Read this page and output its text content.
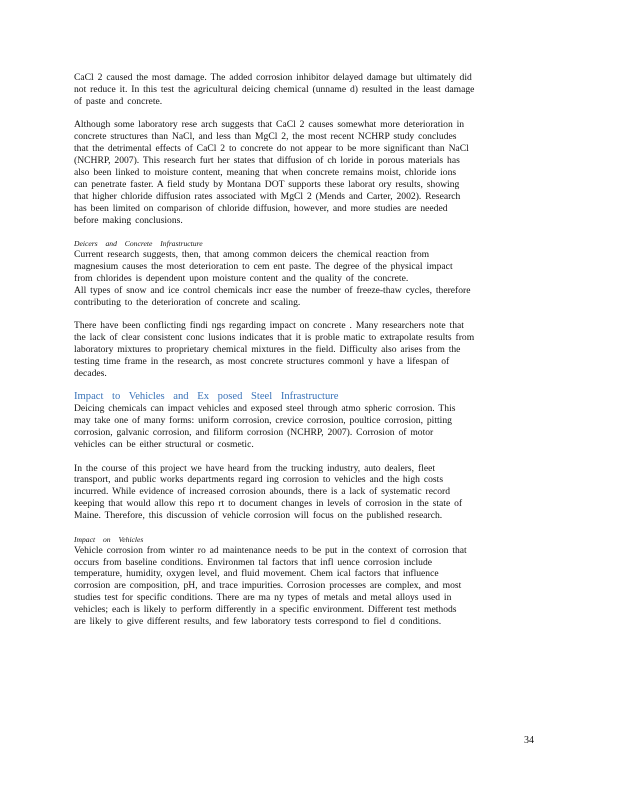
CaCl 2 caused the most damage. The added corrosion inhibitor delayed damage but ultimately did
not reduce it. In this test the agricultural deicing chemical (unname d) resulted in the least damage
of paste and concrete.

Although some laboratory rese arch suggests that CaCl 2 causes somewhat more deterioration in
concrete structures than NaCl, and less than MgCl 2, the most recent NCHRP study concludes
that the detrimental effects of CaCl 2 to concrete do not appear to be more significant than NaCl
(NCHRP, 2007). This research furt her states that diffusion of ch loride in porous materials has
also been linked to moisture content, meaning that when concrete remains moist, chloride ions
can penetrate faster. A field study by Montana DOT supports these laborat ory results, showing
that higher chloride diffusion rates associated with MgCl 2 (Mends and Carter, 2002). Research
has been limited on comparison of chloride diffusion, however, and more studies are needed
before making conclusions.

Deicers and Concrete Infrastructure

Current research suggests, then, that among common deicers the chemical reaction from
magnesium causes the most deterioration to cem ent paste. The degree of the physical impact
from chlorides is dependent upon moisture content and the quality of the concrete.
All types of snow and ice control chemicals incr ease the number of freeze-thaw cycles, therefore
contributing to the deterioration of concrete and scaling.

There have been conflicting findi ngs regarding impact on concrete . Many researchers note that
the lack of clear consistent conc lusions indicates that it is proble matic to extrapolate results from
laboratory mixtures to proprietary chemical mixtures in the field. Difficulty also arises from the
testing time frame in the research, as most concrete structures commonl y have a lifespan of
decades.

Impact to Vehicles and Ex posed Steel Infrastructure

Deicing chemicals can impact vehicles and exposed steel through atmo spheric corrosion. This
may take one of many forms: uniform corrosion, crevice corrosion, poultice corrosion, pitting
corrosion, galvanic corrosion, and filiform corrosion (NCHRP, 2007). Corrosion of motor
vehicles can be either structural or cosmetic.

In the course of this project we have heard from the trucking industry, auto dealers, fleet
transport, and public works departments regard ing corrosion to vehicles and the high costs
incurred. While evidence of increased corrosion abounds, there is a lack of systematic record
keeping that would allow this repo rt to document changes in levels of corrosion in the state of
Maine. Therefore, this discussion of vehicle corrosion will focus on the published research.

Impact on Vehicles

Vehicle corrosion from winter ro ad maintenance needs to be put in the context of corrosion that
occurs from baseline conditions. Environmen tal factors that infl uence corrosion include
temperature, humidity, oxygen level, and fluid movement. Chem ical factors that influence
corrosion are composition, pH, and trace impurities. Corrosion processes are complex, and most
studies test for specific conditions. There are ma ny types of metals and metal alloys used in
vehicles; each is likely to perform differently in a specific environment. Different test methods
are likely to give different results, and few laboratory tests correspond to fiel d conditions.

34
